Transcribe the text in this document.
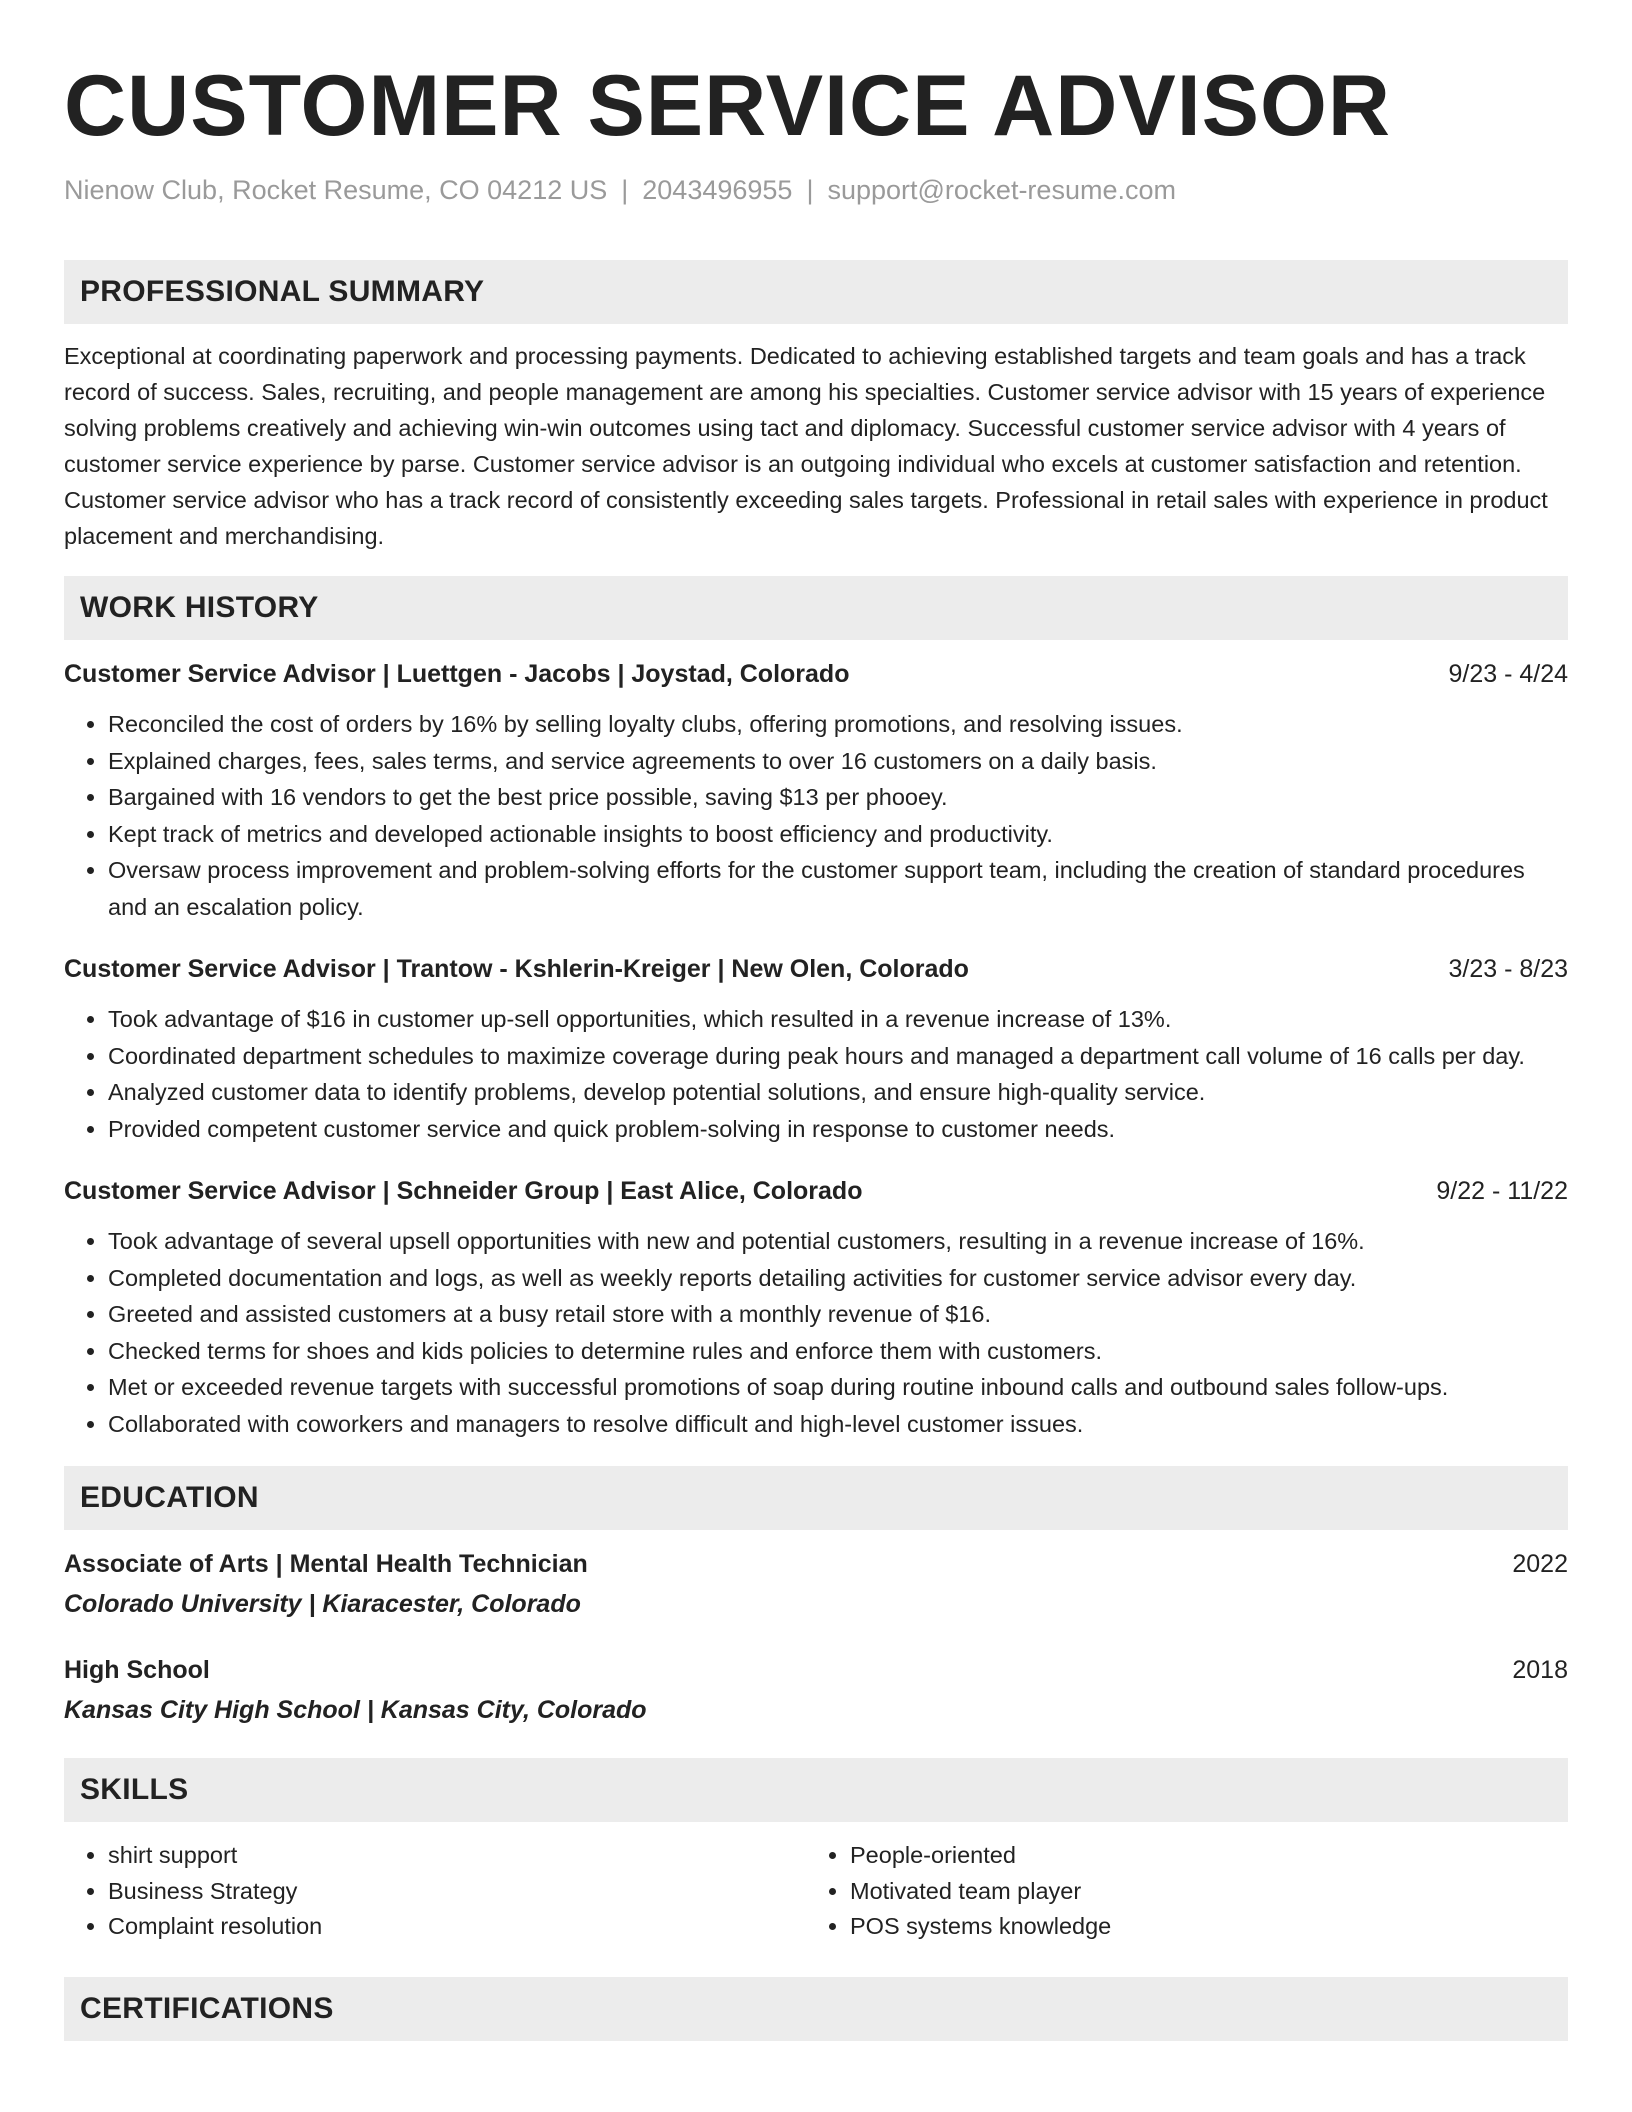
CUSTOMER SERVICE ADVISOR
Nienow Club, Rocket Resume, CO 04212 US | 2043496955 | support@rocket-resume.com
PROFESSIONAL SUMMARY
Exceptional at coordinating paperwork and processing payments. Dedicated to achieving established targets and team goals and has a track record of success. Sales, recruiting, and people management are among his specialties. Customer service advisor with 15 years of experience solving problems creatively and achieving win-win outcomes using tact and diplomacy. Successful customer service advisor with 4 years of customer service experience by parse. Customer service advisor is an outgoing individual who excels at customer satisfaction and retention. Customer service advisor who has a track record of consistently exceeding sales targets. Professional in retail sales with experience in product placement and merchandising.
WORK HISTORY
Customer Service Advisor | Luettgen - Jacobs | Joystad, Colorado	9/23 - 4/24
• Reconciled the cost of orders by 16% by selling loyalty clubs, offering promotions, and resolving issues.
• Explained charges, fees, sales terms, and service agreements to over 16 customers on a daily basis.
• Bargained with 16 vendors to get the best price possible, saving $13 per phooey.
• Kept track of metrics and developed actionable insights to boost efficiency and productivity.
• Oversaw process improvement and problem-solving efforts for the customer support team, including the creation of standard procedures and an escalation policy.
Customer Service Advisor | Trantow - Kshlerin-Kreiger | New Olen, Colorado	3/23 - 8/23
• Took advantage of $16 in customer up-sell opportunities, which resulted in a revenue increase of 13%.
• Coordinated department schedules to maximize coverage during peak hours and managed a department call volume of 16 calls per day.
• Analyzed customer data to identify problems, develop potential solutions, and ensure high-quality service.
• Provided competent customer service and quick problem-solving in response to customer needs.
Customer Service Advisor | Schneider Group | East Alice, Colorado	9/22 - 11/22
• Took advantage of several upsell opportunities with new and potential customers, resulting in a revenue increase of 16%.
• Completed documentation and logs, as well as weekly reports detailing activities for customer service advisor every day.
• Greeted and assisted customers at a busy retail store with a monthly revenue of $16.
• Checked terms for shoes and kids policies to determine rules and enforce them with customers.
• Met or exceeded revenue targets with successful promotions of soap during routine inbound calls and outbound sales follow-ups.
• Collaborated with coworkers and managers to resolve difficult and high-level customer issues.
EDUCATION
Associate of Arts | Mental Health Technician	2022
Colorado University | Kiaracester, Colorado
High School	2018
Kansas City High School | Kansas City, Colorado
SKILLS
• shirt support
• Business Strategy
• Complaint resolution
• People-oriented
• Motivated team player
• POS systems knowledge
CERTIFICATIONS
